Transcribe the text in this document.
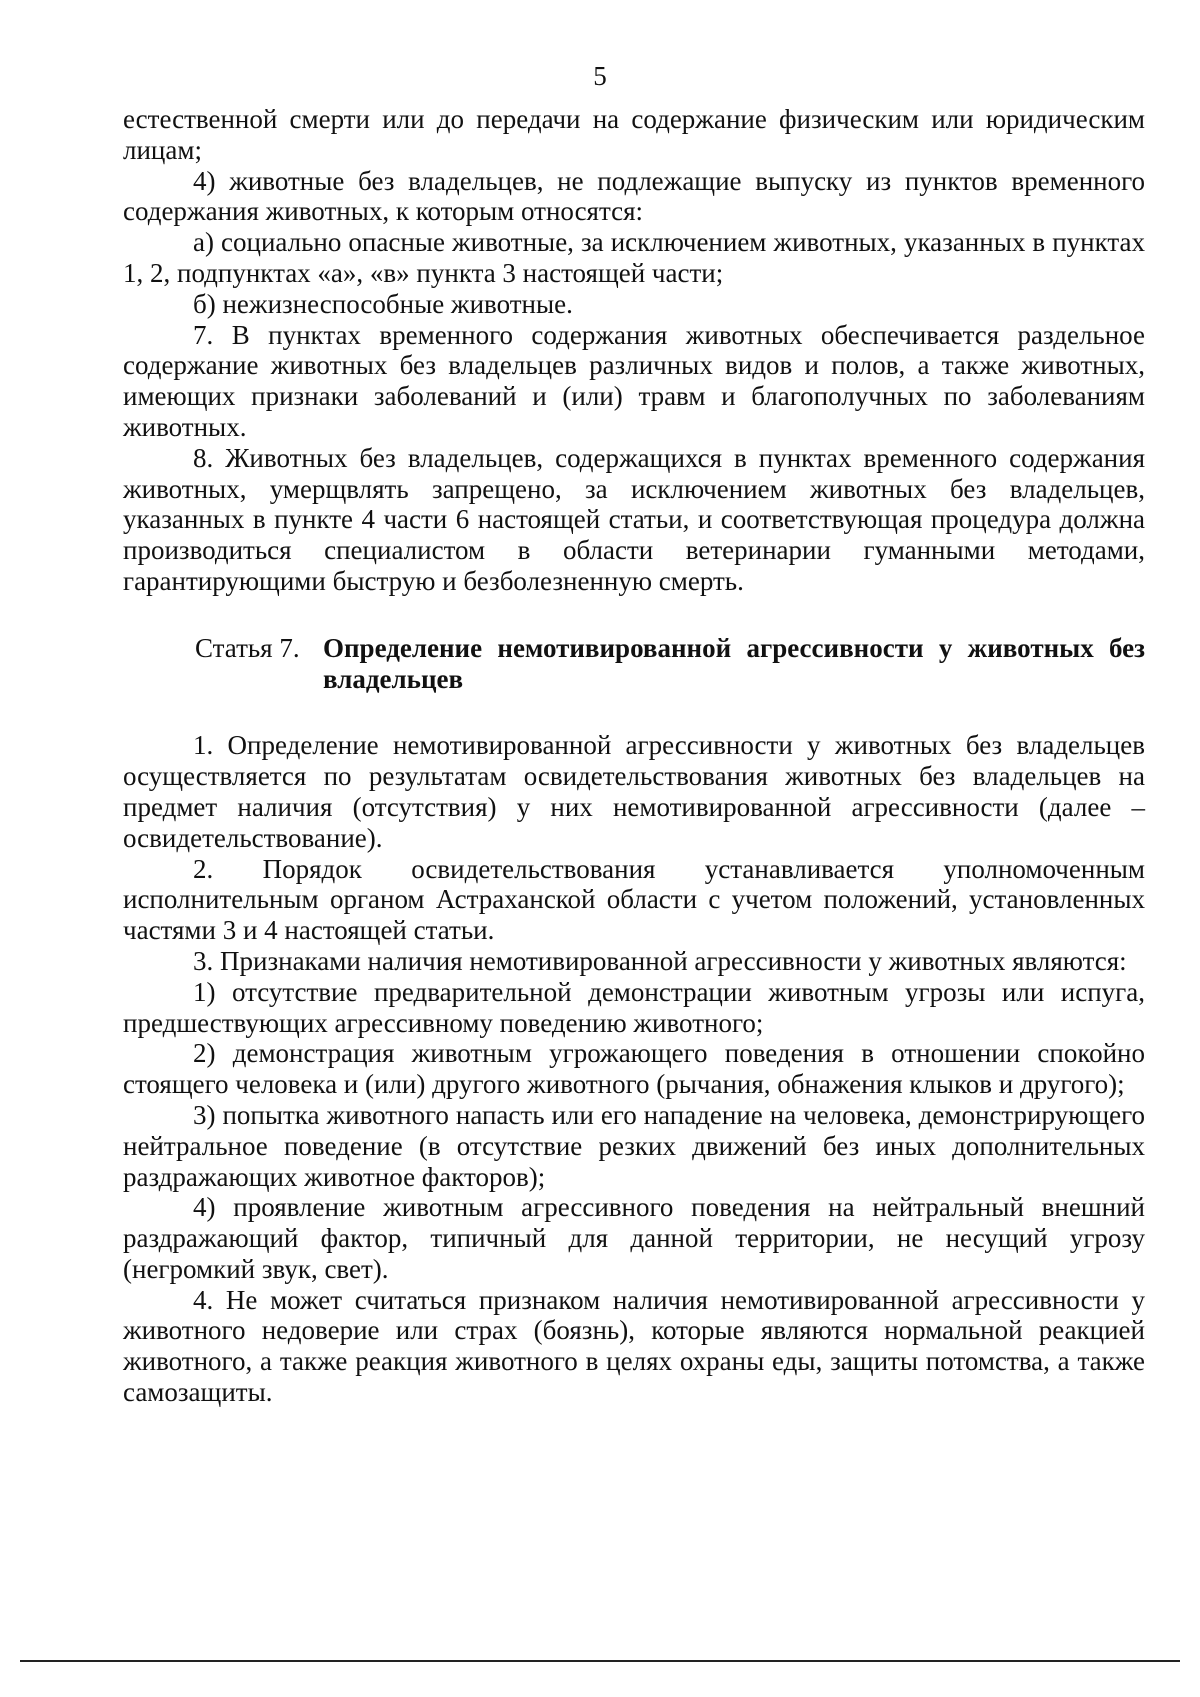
5

естественной смерти или до передачи на содержание физическим или юридическим лицам;

4) животные без владельцев, не подлежащие выпуску из пунктов временного содержания животных, к которым относятся:

а) социально опасные животные, за исключением животных, указанных в пунктах 1, 2, подпунктах «а», «в» пункта 3 настоящей части;

б) нежизнеспособные животные.

7. В пунктах временного содержания животных обеспечивается раздельное содержание животных без владельцев различных видов и полов, а также животных, имеющих признаки заболеваний и (или) травм и благополучных по заболеваниям животных.

8. Животных без владельцев, содержащихся в пунктах временного содержания животных, умерщвлять запрещено, за исключением животных без владельцев, указанных в пункте 4 части 6 настоящей статьи, и соответствующая процедура должна производиться специалистом в области ветеринарии гуманными методами, гарантирующими быструю и безболезненную смерть.

Статья 7. Определение немотивированной агрессивности у животных без владельцев

1. Определение немотивированной агрессивности у животных без владельцев осуществляется по результатам освидетельствования животных без владельцев на предмет наличия (отсутствия) у них немотивированной агрессивности (далее – освидетельствование).

2. Порядок освидетельствования устанавливается уполномоченным исполнительным органом Астраханской области с учетом положений, установленных частями 3 и 4 настоящей статьи.

3. Признаками наличия немотивированной агрессивности у животных являются:

1) отсутствие предварительной демонстрации животным угрозы или испуга, предшествующих агрессивному поведению животного;

2) демонстрация животным угрожающего поведения в отношении спокойно стоящего человека и (или) другого животного (рычания, обнажения клыков и другого);

3) попытка животного напасть или его нападение на человека, демонстрирующего нейтральное поведение (в отсутствие резких движений без иных дополнительных раздражающих животное факторов);

4) проявление животным агрессивного поведения на нейтральный внешний раздражающий фактор, типичный для данной территории, не несущий угрозу (негромкий звук, свет).

4. Не может считаться признаком наличия немотивированной агрессивности у животного недоверие или страх (боязнь), которые являются нормальной реакцией животного, а также реакция животного в целях охраны еды, защиты потомства, а также самозащиты.
